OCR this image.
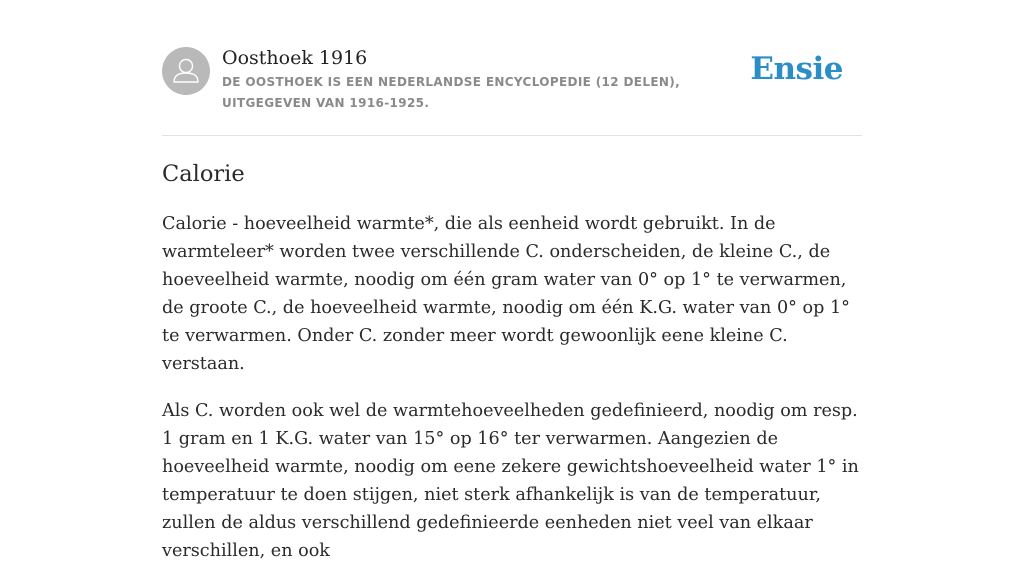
Oosthoek 1916

DE OOSTHOEK IS EEN NEDERLANDSE ENCYCLOPEDIE (12 DELEN), UITGEGEVEN VAN 1916-1925.

Ensie
Calorie

Calorie - hoeveelheid warmte*, die als eenheid wordt gebruikt. In de warmteleer* worden twee verschillende C. onderscheiden, de kleine C., de hoeveelheid warmte, noodig om één gram water van 0° op 1° te verwarmen, de groote C., de hoeveelheid warmte, noodig om één K.G. water van 0° op 1° te verwarmen. Onder C. zonder meer wordt gewoonlijk eene kleine C. verstaan.

Als C. worden ook wel de warmtehoeveelheden gedefinieerd, noodig om resp. 1 gram en 1 K.G. water van 15° op 16° ter verwarmen. Aangezien de hoeveelheid warmte, noodig om eene zekere gewichtshoeveelheid water 1° in temperatuur te doen stijgen, niet sterk afhankelijk is van de temperatuur, zullen de aldus verschillend gedefinieerde eenheden niet veel van elkaar verschillen, en ook
